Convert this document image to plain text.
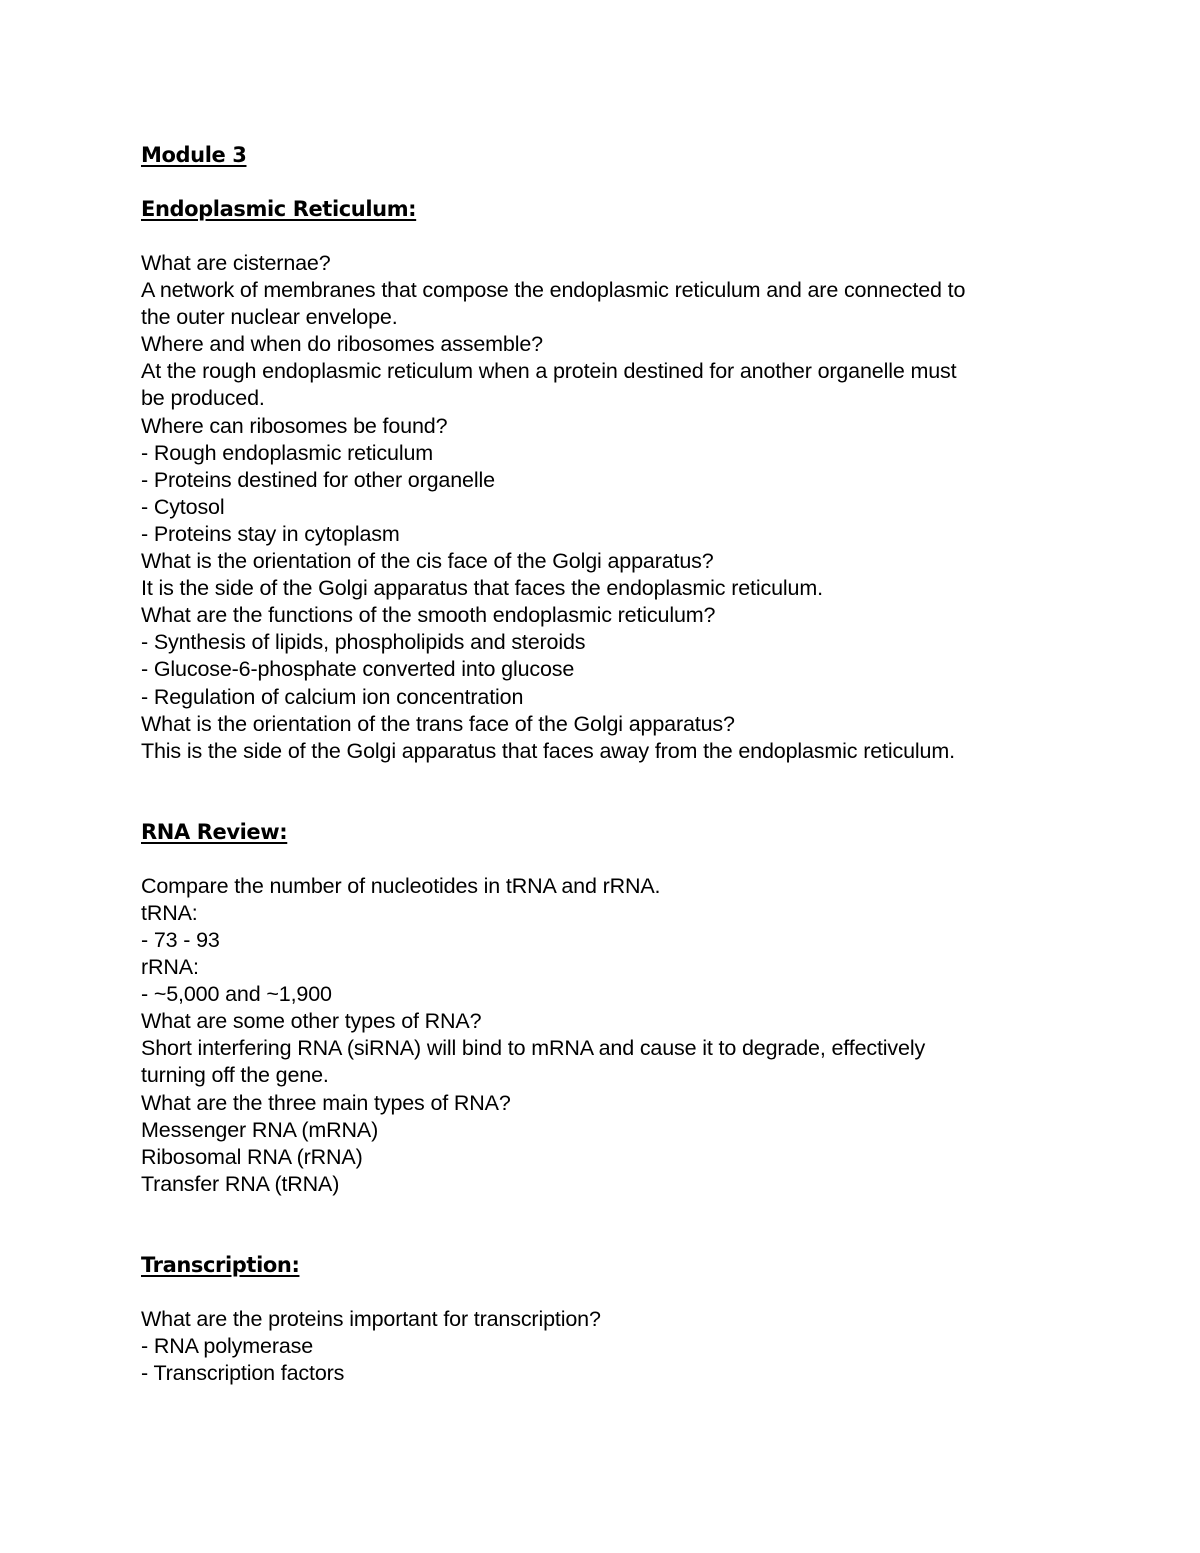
Module 3

Endoplasmic Reticulum:

What are cisternae?

A network of membranes that compose the endoplasmic reticulum and are connected to

the outer nuclear envelope.

Where and when do ribosomes assemble?

At the rough endoplasmic reticulum when a protein destined for another organelle must

be produced.

Where can ribosomes be found?

- Rough endoplasmic reticulum

- Proteins destined for other organelle

- Cytosol

- Proteins stay in cytoplasm

What is the orientation of the cis face of the Golgi apparatus?

It is the side of the Golgi apparatus that faces the endoplasmic reticulum.

What are the functions of the smooth endoplasmic reticulum?

- Synthesis of lipids, phospholipids and steroids

- Glucose-6-phosphate converted into glucose

- Regulation of calcium ion concentration

What is the orientation of the trans face of the Golgi apparatus?

This is the side of the Golgi apparatus that faces away from the endoplasmic reticulum.

RNA Review:

Compare the number of nucleotides in tRNA and rRNA.

tRNA:

- 73 - 93

rRNA:

- ~5,000 and ~1,900

What are some other types of RNA?

Short interfering RNA (siRNA) will bind to mRNA and cause it to degrade, effectively

turning off the gene.

What are the three main types of RNA?

Messenger RNA (mRNA)

Ribosomal RNA (rRNA)

Transfer RNA (tRNA)

Transcription:

What are the proteins important for transcription?

- RNA polymerase

- Transcription factors
